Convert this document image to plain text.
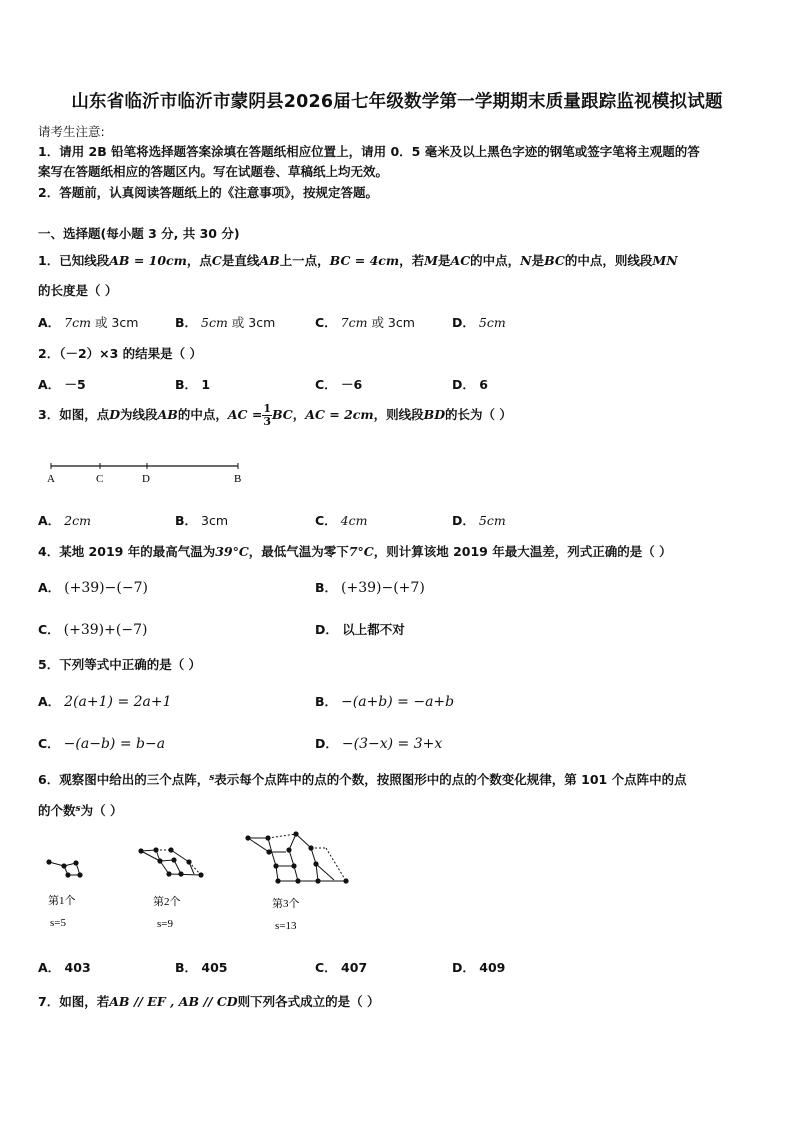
山东省临沂市临沂市蒙阴县2026届七年级数学第一学期期末质量跟踪监视模拟试题
请考生注意:
1．请用 2B 铅笔将选择题答案涂填在答题纸相应位置上，请用 0．5 毫米及以上黑色字迹的钢笔或签字笔将主观题的答
案写在答题纸相应的答题区内。写在试题卷、草稿纸上均无效。
2．答题前，认真阅读答题纸上的《注意事项》，按规定答题。
一、选择题(每小题 3 分, 共 30 分)
1．已知线段AB = 10cm，点C是直线AB上一点，BC = 4cm，若M是AC的中点，N是BC的中点，则线段MN
的长度是（ ）
A． 7cm 或 3cm	B． 5cm 或 3cm	C． 7cm 或 3cm	D． 5cm
2．（－2）×3 的结果是（ ）
A． －5	B． 1	C． －6	D． 6
3．如图，点D为线段AB的中点，AC = $\frac{1}{3}$ BC，AC = 2cm，则线段BD的长为（ ）
A	C	D	B
A． 2cm	B． 3cm	C． 4cm	D． 5cm
4．某地 2019 年的最高气温为39°C，最低气温为零下7°C，则计算该地 2019 年最大温差，列式正确的是（ ）
A． (+39)−(−7)	B． (+39)−(+7)
C． (+39)+(−7)	D． 以上都不对
5．下列等式中正确的是（ ）
A． 2(a+1) = 2a+1	B． −(a+b) = −a+b
C． −(a−b) = b−a	D． −(3−x) = 3+x
6．观察图中给出的三个点阵，$^s$表示每个点阵中的点的个数，按照图形中的点的个数变化规律，第 101 个点阵中的点
的个数$^s$为（ ）
第1个
s=5
第2个
s=9
第3个
s=13
A． 403	B． 405	C． 407	D． 409
7．如图，若AB // EF , AB // CD则下列各式成立的是（ ）
